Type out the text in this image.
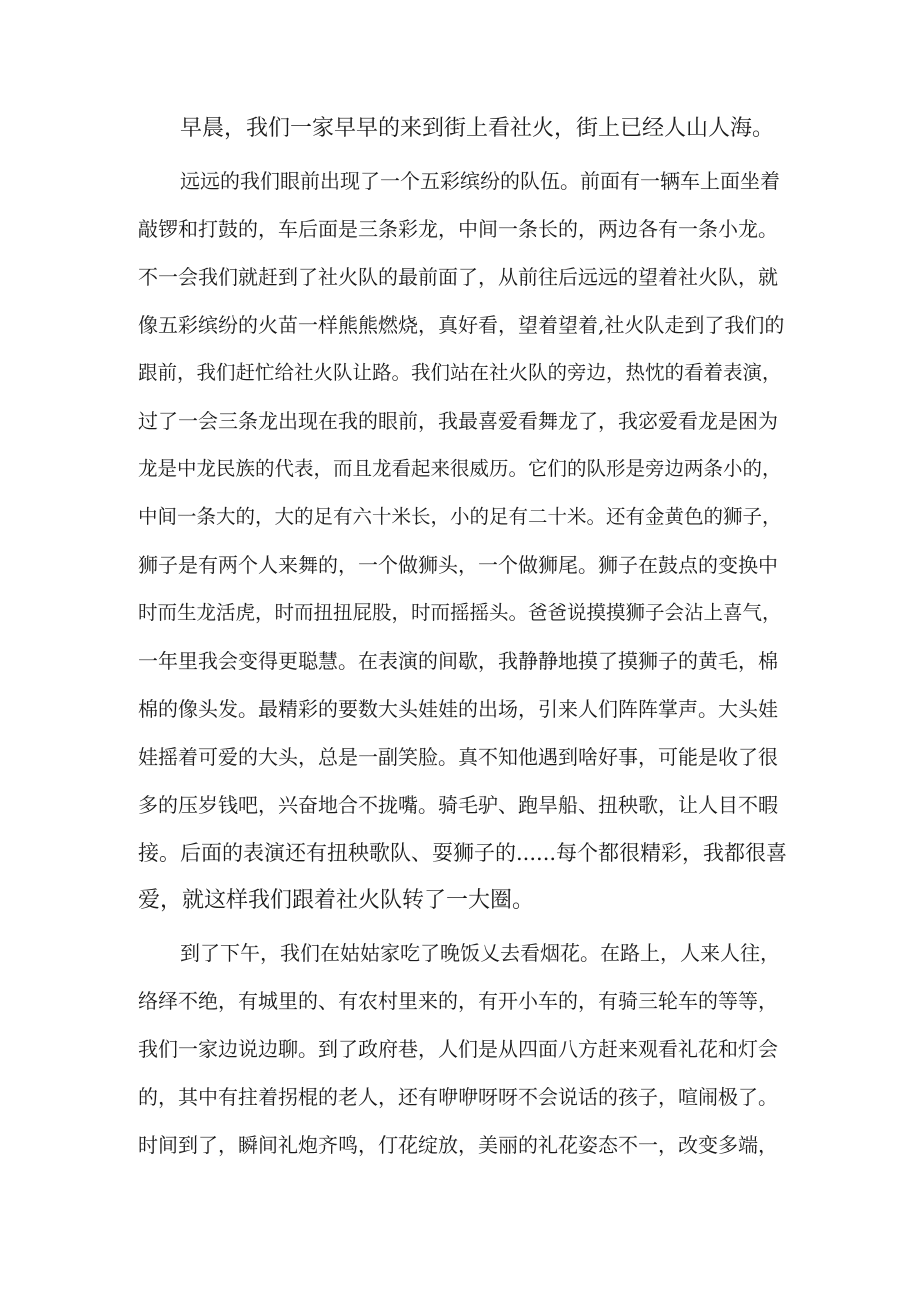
早晨，我们一家早早的来到街上看社火，街上已经人山人海。
远远的我们眼前出现了一个五彩缤纷的队伍。前面有一辆车上面坐着
敲锣和打鼓的，车后面是三条彩龙，中间一条长的，两边各有一条小龙。
不一会我们就赶到了社火队的最前面了，从前往后远远的望着社火队，就
像五彩缤纷的火苗一样熊熊燃烧，真好看，望着望着,社火队走到了我们的
跟前，我们赶忙给社火队让路。我们站在社火队的旁边，热忱的看着表演，
过了一会三条龙出现在我的眼前，我最喜爱看舞龙了，我宓爱看龙是困为
龙是中龙民族的代表，而且龙看起来很威历。它们的队形是旁边两条小的，
中间一条大的，大的足有六十米长，小的足有二十米。还有金黄色的狮子，
狮子是有两个人来舞的，一个做狮头，一个做狮尾。狮子在鼓点的变换中
时而生龙活虎，时而扭扭屁股，时而摇摇头。爸爸说摸摸狮子会沾上喜气，
一年里我会变得更聪慧。在表演的间歇，我静静地摸了摸狮子的黄毛，棉
棉的像头发。最精彩的要数大头娃娃的出场，引来人们阵阵掌声。大头娃
娃摇着可爱的大头，总是一副笑脸。真不知他遇到啥好事，可能是收了很
多的压岁钱吧，兴奋地合不拢嘴。骑毛驴、跑旱船、扭秧歌，让人目不暇
接。后面的表演还有扭秧歌队、耍狮子的......每个都很精彩，我都很喜
爱，就这样我们跟着社火队转了一大圈。
到了下午，我们在姑姑家吃了晚饭乂去看烟花。在路上，人来人往，
络绎不绝，有城里的、有农村里来的，有开小车的，有骑三轮车的等等，
我们一家边说边聊。到了政府巷，人们是从四面八方赶来观看礼花和灯会
的，其中有拄着拐棍的老人，还有咿咿呀呀不会说话的孩子，喧闹极了。
时间到了，瞬间礼炮齐鸣，仃花绽放，美丽的礼花姿态不一，改变多端，
